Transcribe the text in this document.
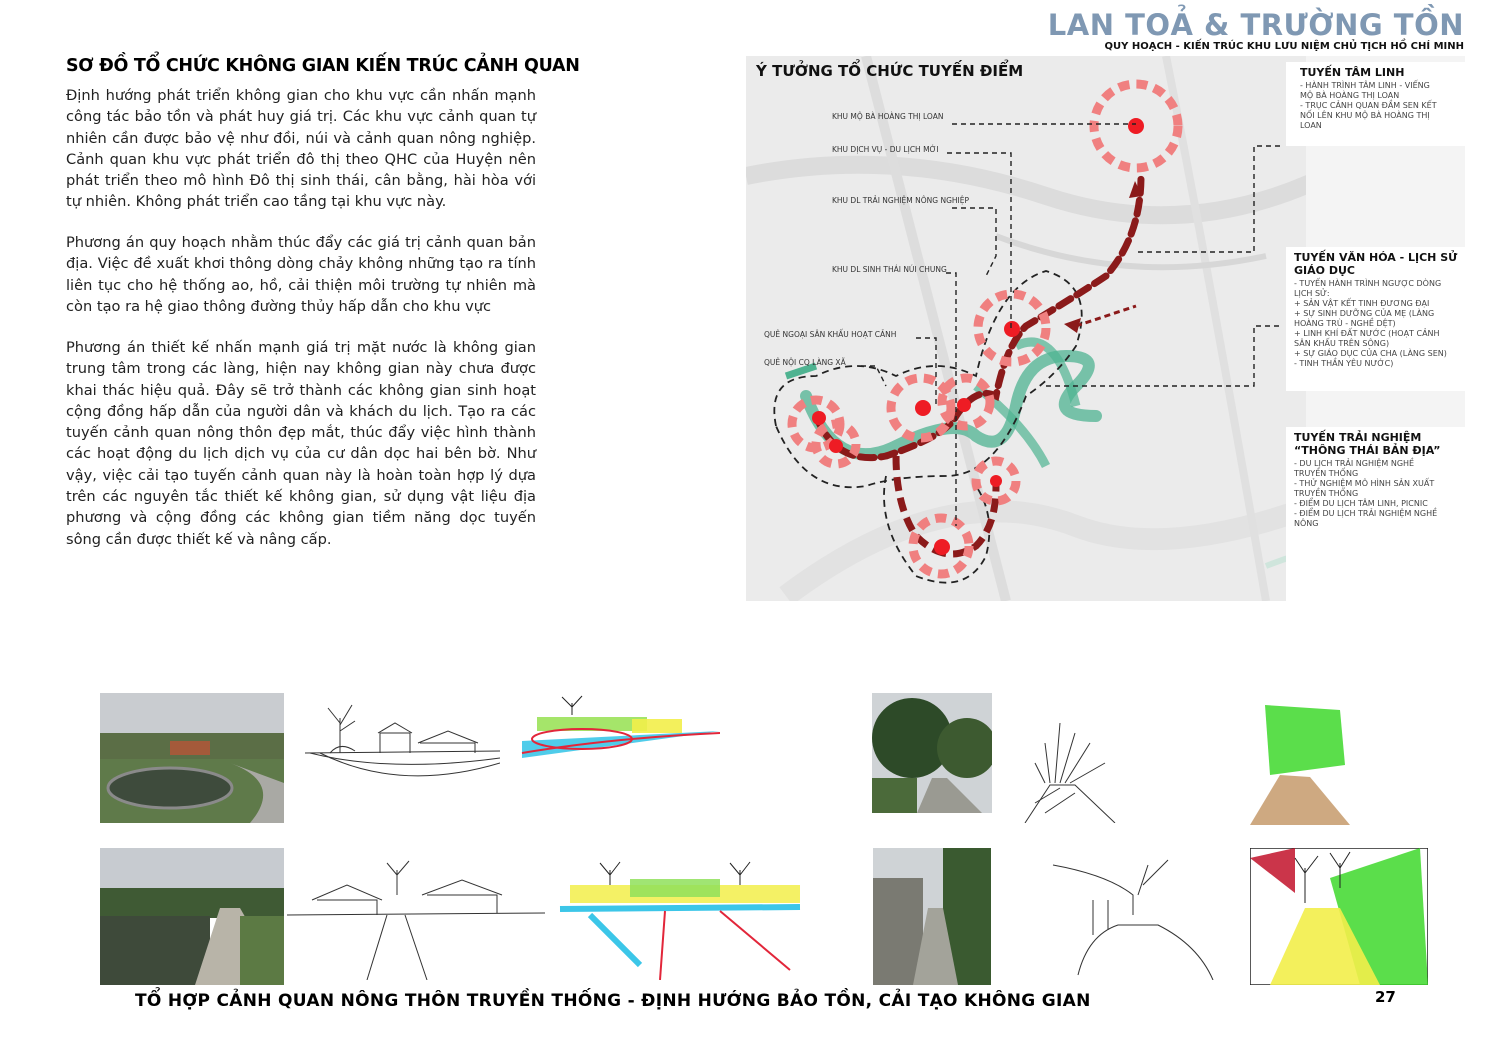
LAN TOẢ & TRƯỜNG TỒN
QUY HOẠCH - KIẾN TRÚC KHU LƯU NIỆM CHỦ TỊCH HỒ CHÍ MINH
SƠ ĐỒ TỔ CHỨC KHÔNG GIAN KIẾN TRÚC CẢNH QUAN

Định hướng phát triển không gian cho khu vực cần nhấn mạnh công tác bảo tồn và phát huy giá trị. Các khu vực cảnh quan tự nhiên cần được bảo vệ như đồi, núi và cảnh quan nông nghiệp. Cảnh quan khu vực phát triển đô thị theo QHC của Huyện nên phát triển theo mô hình Đô thị sinh thái, cân bằng, hài hòa với tự nhiên. Không phát triển cao tầng tại khu vực này.

Phương án quy hoạch nhằm thúc đẩy các giá trị cảnh quan bản địa. Việc đề xuất khơi thông dòng chảy không những tạo ra tính liên tục cho hệ thống ao, hồ, cải thiện môi trường tự nhiên mà còn tạo ra hệ giao thông đường thủy hấp dẫn cho khu vực

Phương án thiết kế nhấn mạnh giá trị mặt nước là không gian trung tâm trong các làng, hiện nay không gian này chưa được khai thác hiệu quả. Đây sẽ trở thành các không gian sinh hoạt cộng đồng hấp dẫn của người dân và khách du lịch. Tạo ra các tuyến cảnh quan nông thôn đẹp mắt, thúc đẩy việc hình thành các hoạt động du lịch dịch vụ của cư dân dọc hai bên bờ. Như vậy, việc cải tạo tuyến cảnh quan này là hoàn toàn hợp lý dựa trên các nguyên tắc thiết kế không gian, sử dụng vật liệu địa phương và cộng đồng các không gian tiềm năng dọc tuyến sông cần được thiết kế và nâng cấp.

Ý TƯỞNG TỔ CHỨC TUYẾN ĐIỂM
KHU MỘ BÀ HOÀNG THỊ LOAN
KHU DỊCH VỤ - DU LỊCH MỚI
KHU DL TRẢI NGHIỆM NÔNG NGHIỆP
KHU DL SINH THÁI NÚI CHUNG
QUÊ NGOẠI SÂN KHẤU HOẠT CẢNH
QUÊ NỘI CQ LÀNG XÃ
TUYẾN TÂM LINH
- HÀNH TRÌNH TÂM LINH - VIẾNG
MỘ BÀ HOÀNG THỊ LOAN
- TRỤC CẢNH QUAN ĐẦM SEN KẾT
NỐI LÊN KHU MỘ BÀ HOÀNG THỊ
LOAN
TUYẾN VĂN HÓA - LỊCH SỬ GIÁO DỤC
- TUYẾN HÀNH TRÌNH NGƯỢC DÒNG
LỊCH SỬ:
+ SẢN VẬT KẾT TINH ĐƯƠNG ĐẠI
+ SỰ SINH DƯỠNG CỦA MẸ (LÀNG
HOÀNG TRÙ - NGHỀ DỆT)
+ LINH KHÍ ĐẤT NƯỚC (HOẠT CẢNH
SÂN KHẤU TRÊN SÔNG)
+ SỰ GIÁO DỤC CỦA CHA (LÀNG SEN)
- TINH THẦN YÊU NƯỚC)
TUYẾN TRẢI NGHIỆM “THÔNG THÁI BẢN ĐỊA”
- DU LỊCH TRẢI NGHIỆM NGHỀ
TRUYỀN THỐNG
- THỬ NGHIỆM MÔ HÌNH SẢN XUẤT
TRUYỀN THỐNG
- ĐIỂM DU LỊCH TÂM LINH, PICNIC
- ĐIỂM DU LỊCH TRẢI NGHIỆM NGHỀ
NÔNG
TỔ HỢP CẢNH QUAN NÔNG THÔN TRUYỀN THỐNG - ĐỊNH HƯỚNG BẢO TỒN, CẢI TẠO KHÔNG GIAN	27
